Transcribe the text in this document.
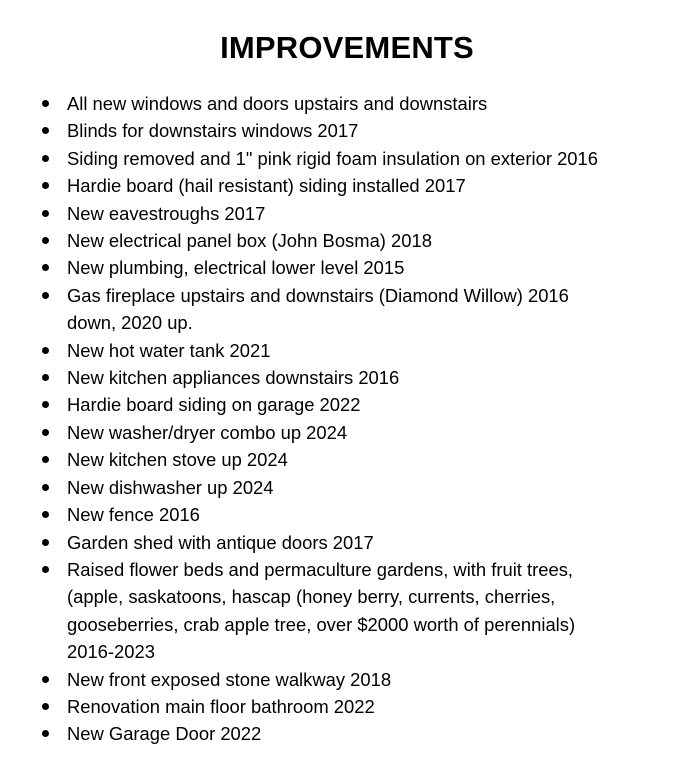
IMPROVEMENTS
All new windows and doors upstairs and downstairs
Blinds for downstairs windows 2017
Siding removed and 1" pink rigid foam insulation on exterior 2016
Hardie board (hail resistant) siding installed 2017
New eavestroughs 2017
New electrical panel box (John Bosma) 2018
New plumbing, electrical lower level 2015
Gas fireplace upstairs and downstairs (Diamond Willow) 2016
down, 2020 up.
New hot water tank 2021
New kitchen appliances downstairs 2016
Hardie board siding on garage 2022
New washer/dryer combo up 2024
New kitchen stove up 2024
New dishwasher up 2024
New fence 2016
Garden shed with antique doors 2017
Raised flower beds and permaculture gardens, with fruit trees,
(apple, saskatoons, hascap (honey berry, currents, cherries,
gooseberries, crab apple tree, over $2000 worth of perennials)
2016-2023
New front exposed stone walkway 2018
Renovation main floor bathroom 2022
New Garage Door 2022
